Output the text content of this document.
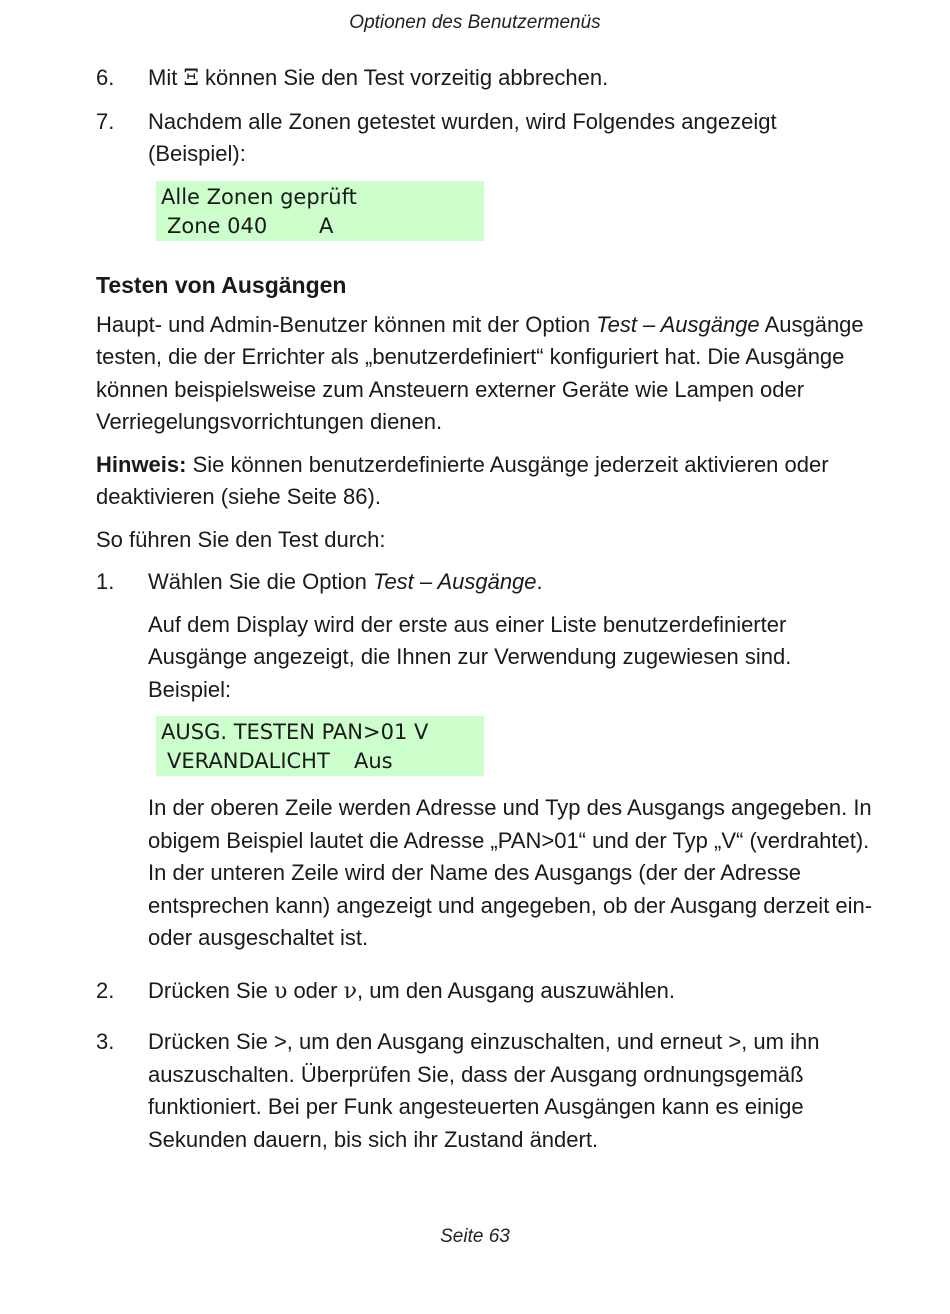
Optionen des Benutzermenüs
6.	Mit Ξ können Sie den Test vorzeitig abbrechen.
7.	Nachdem alle Zonen getestet wurden, wird Folgendes angezeigt (Beispiel):
Alle Zonen geprüft
Zone 040 A
Testen von Ausgängen

Haupt- und Admin-Benutzer können mit der Option Test – Ausgänge Ausgänge testen, die der Errichter als „benutzerdefiniert“ konfiguriert hat. Die Ausgänge können beispielsweise zum Ansteuern externer Geräte wie Lampen oder Verriegelungsvorrichtungen dienen.

Hinweis: Sie können benutzerdefinierte Ausgänge jederzeit aktivieren oder deaktivieren (siehe Seite 86).

So führen Sie den Test durch:

1.	Wählen Sie die Option Test – Ausgänge.

Auf dem Display wird der erste aus einer Liste benutzerdefinierter Ausgänge angezeigt, die Ihnen zur Verwendung zugewiesen sind. Beispiel:

AUSG. TESTEN PAN>01 V
VERANDALICHT Aus

In der oberen Zeile werden Adresse und Typ des Ausgangs angegeben. In obigem Beispiel lautet die Adresse „PAN>01“ und der Typ „V“ (verdrahtet). In der unteren Zeile wird der Name des Ausgangs (der der Adresse entsprechen kann) angezeigt und angegeben, ob der Ausgang derzeit ein- oder ausgeschaltet ist.

2.	Drücken Sie υ oder ν, um den Ausgang auszuwählen.
3.	Drücken Sie >, um den Ausgang einzuschalten, und erneut >, um ihn auszuschalten. Überprüfen Sie, dass der Ausgang ordnungsgemäß funktioniert. Bei per Funk angesteuerten Ausgängen kann es einige Sekunden dauern, bis sich ihr Zustand ändert.
Seite 63
